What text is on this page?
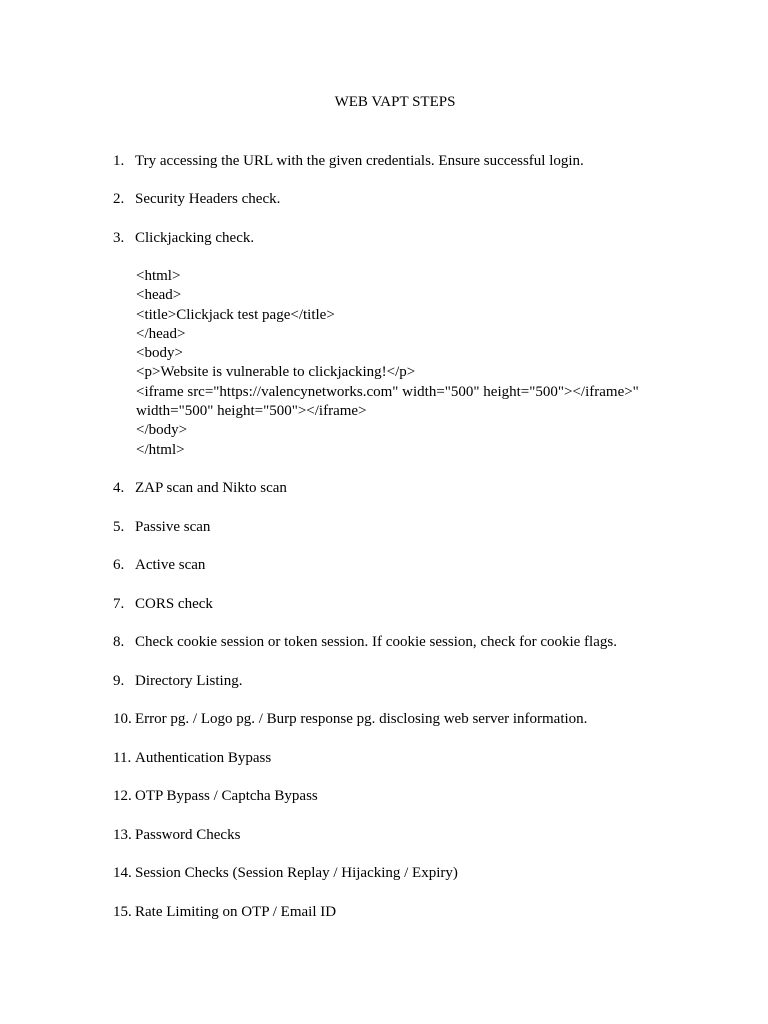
WEB VAPT STEPS
1. Try accessing the URL with the given credentials. Ensure successful login.
2. Security Headers check.
3. Clickjacking check.
<html>
<head>
<title>Clickjack test page</title>
</head>
<body>
<p>Website is vulnerable to clickjacking!</p>
<iframe src="https://valencynetworks.com" width="500" height="500"></iframe>"
width="500" height="500"></iframe>
</body>
</html>
4. ZAP scan and Nikto scan
5. Passive scan
6. Active scan
7. CORS check
8. Check cookie session or token session. If cookie session, check for cookie flags.
9. Directory Listing.
10. Error pg. / Logo pg. / Burp response pg. disclosing web server information.
11. Authentication Bypass
12. OTP Bypass / Captcha Bypass
13. Password Checks
14. Session Checks (Session Replay / Hijacking / Expiry)
15. Rate Limiting on OTP / Email ID
